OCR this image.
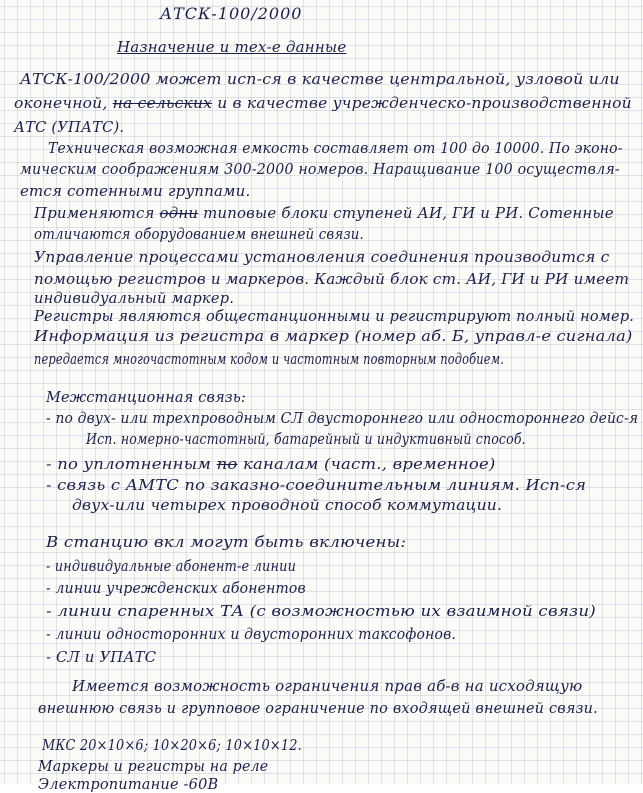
АТСК-100/2000
Назначение и тех-е данные
АТСК-100/2000 может исп-ся в качестве центральной, узловой или
оконечной, на сельских и в качестве учрежденческо-производственной
АТС (УПАТС).
Техническая возможная емкость составляет от 100 до 10000. По эконо-
мическим соображениям 300-2000 номеров. Наращивание 100 осуществля-
ется сотенными группами.
Применяются одни типовые блоки ступеней АИ, ГИ и РИ. Сотенные
отличаются оборудованием внешней связи.
Управление процессами установления соединения производится с
помощью регистров и маркеров. Каждый блок ст. АИ, ГИ и РИ имеет
индивидуальный маркер.
Регистры являются общестанционными и регистрируют полный номер.
Информация из регистра в маркер (номер аб. Б, управл-е сигнала)
передается многочастотным кодом и частотным повторным подобием.
Межстанционная связь:
- по двух- или трехпроводным СЛ двустороннего или одностороннего дейс-я
Исп. номерно-частотный, батарейный и индуктивный способ.
- по уплотненным по каналам (част., временное)
- связь с АМТС по заказно-соединительным линиям. Исп-ся
двух-или четырех проводной способ коммутации.
В станцию вкл могут быть включены:
- индивидуальные абонент-е линии
- линии учрежденских абонентов
- линии спаренных ТА (с возможностью их взаимной связи)
- линии односторонних и двусторонних таксофонов.
- СЛ и УПАТС
Имеется возможность ограничения прав аб-в на исходящую
внешнюю связь и групповое ограничение по входящей внешней связи.
МКС 20×10×6; 10×20×6; 10×10×12.
Маркеры и регистры на реле
Электропитание -60В
